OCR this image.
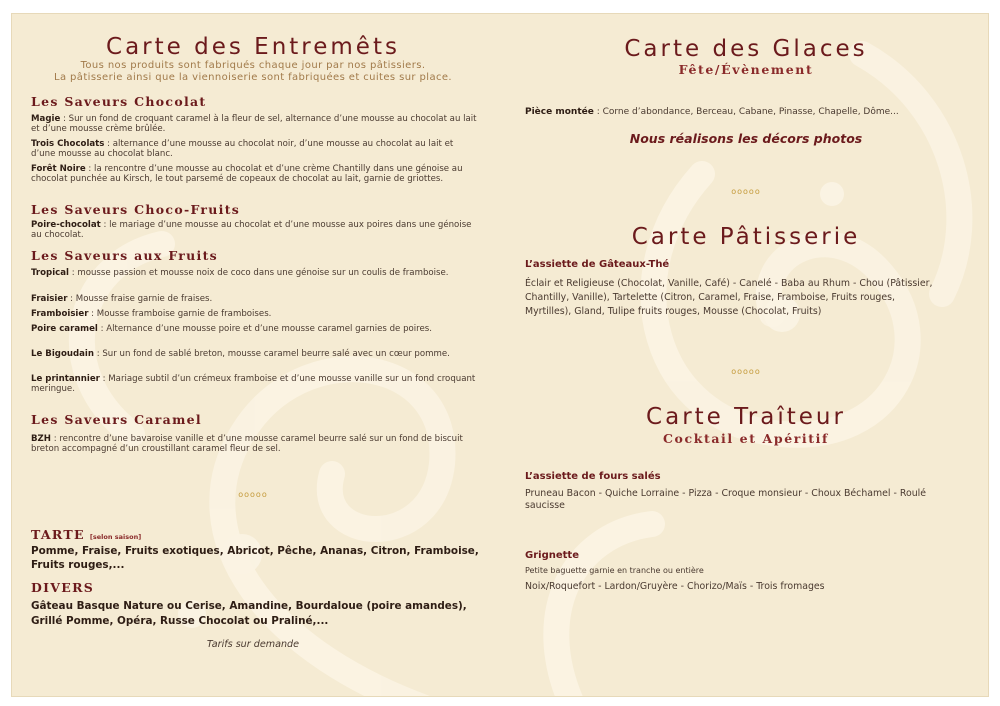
Carte des Entremêts
Tous nos produits sont fabriqués chaque jour par nos pâtissiers.
La pâtisserie ainsi que la viennoiserie sont fabriquées et cuites sur place.
Les Saveurs Chocolat
Magie : Sur un fond de croquant caramel à la fleur de sel, alternance d’une mousse au chocolat au lait et d’une mousse crème brûlée.
Trois Chocolats : alternance d’une mousse au chocolat noir, d’une mousse au chocolat au lait et d’une mousse au chocolat blanc.
Forêt Noire : la rencontre d’une mousse au chocolat et d’une crème Chantilly dans une génoise au chocolat punchée au Kirsch, le tout parsemé de copeaux de chocolat au lait, garnie de griottes.
Les Saveurs Choco-Fruits
Poire-chocolat : le mariage d’une mousse au chocolat et d’une mousse aux poires dans une génoise au chocolat.
Les Saveurs aux Fruits
Tropical : mousse passion et mousse noix de coco dans une génoise sur un coulis de framboise.
Fraisier : Mousse fraise garnie de fraises.
Framboisier : Mousse framboise garnie de framboises.
Poire caramel : Alternance d’une mousse poire et d’une mousse caramel garnies de poires.
Le Bigoudain : Sur un fond de sablé breton, mousse caramel beurre salé avec un cœur pomme.
Le printannier : Mariage subtil d’un crémeux framboise et d’une mousse vanille sur un fond croquant meringue.
Les Saveurs Caramel
BZH : rencontre d’une bavaroise vanille et d’une mousse caramel beurre salé sur un fond de biscuit breton accompagné d’un croustillant caramel fleur de sel.
ooooo
TARTE [selon saison]
Pomme, Fraise, Fruits exotiques, Abricot, Pêche, Ananas, Citron, Framboise,
Fruits rouges,...
DIVERS
Gâteau Basque Nature ou Cerise, Amandine, Bourdaloue (poire amandes),
Grillé Pomme, Opéra, Russe Chocolat ou Praliné,...
Tarifs sur demande
Carte des Glaces
Fête/Évènement
Pièce montée : Corne d’abondance, Berceau, Cabane, Pinasse, Chapelle, Dôme...
Nous réalisons les décors photos
ooooo
Carte Pâtisserie
L’assiette de Gâteaux-Thé
Éclair et Religieuse (Chocolat, Vanille, Café) - Canelé - Baba au Rhum - Chou (Pâtissier,
Chantilly, Vanille), Tartelette (Citron, Caramel, Fraise, Framboise, Fruits rouges,
Myrtilles), Gland, Tulipe fruits rouges, Mousse (Chocolat, Fruits)
ooooo
Carte Traîteur
Cocktail et Apéritif
L’assiette de fours salés
Pruneau Bacon - Quiche Lorraine - Pizza - Croque monsieur - Choux Béchamel - Roulé
saucisse
Grignette
Petite baguette garnie en tranche ou entière
Noix/Roquefort - Lardon/Gruyère - Chorizo/Maïs - Trois fromages
